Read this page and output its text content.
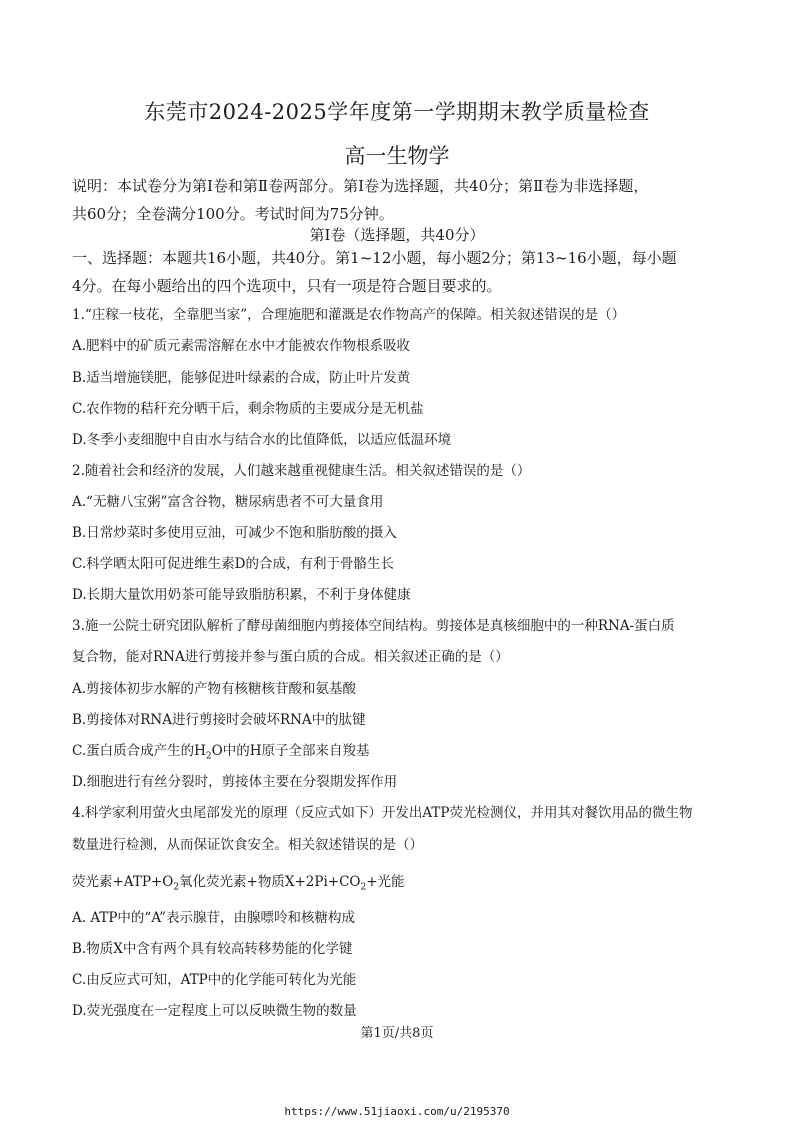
东莞市2024-2025学年度第一学期期末教学质量检查
高一生物学
说明：本试卷分为第Ⅰ卷和第Ⅱ卷两部分。第Ⅰ卷为选择题，共40分；第Ⅱ卷为非选择题，
共60分；全卷满分100分。考试时间为75分钟。
第Ⅰ卷（选择题，共40分）
一、选择题：本题共16小题，共40分。第1~12小题，每小题2分；第13~16小题，每小题
4分。在每小题给出的四个选项中，只有一项是符合题目要求的。
1.“庄稼一枝花，全靠肥当家”，合理施肥和灌溉是农作物高产的保障。相关叙述错误的是（）
A.肥料中的矿质元素需溶解在水中才能被农作物根系吸收
B.适当增施镁肥，能够促进叶绿素的合成，防止叶片发黄
C.农作物的秸秆充分晒干后，剩余物质的主要成分是无机盐
D.冬季小麦细胞中自由水与结合水的比值降低，以适应低温环境
2.随着社会和经济的发展，人们越来越重视健康生活。相关叙述错误的是（）
A.“无糖八宝粥”富含谷物，糖尿病患者不可大量食用
B.日常炒菜时多使用豆油，可减少不饱和脂肪酸的摄入
C.科学晒太阳可促进维生素D的合成，有利于骨骼生长
D.长期大量饮用奶茶可能导致脂肪积累，不利于身体健康
3.施一公院士研究团队解析了酵母菌细胞内剪接体空间结构。剪接体是真核细胞中的一种RNA-蛋白质
复合物，能对RNA进行剪接并参与蛋白质的合成。相关叙述正确的是（）
A.剪接体初步水解的产物有核糖核苷酸和氨基酸
B.剪接体对RNA进行剪接时会破坏RNA中的肽键
C.蛋白质合成产生的$H_2O$中的H原子全部来自羧基
D.细胞进行有丝分裂时，剪接体主要在分裂期发挥作用
4.科学家利用萤火虫尾部发光的原理（反应式如下）开发出ATP荧光检测仪，并用其对餐饮用品的微生物
数量进行检测，从而保证饮食安全。相关叙述错误的是（）
荧光素$+ATP+O_2$氧化荧光素+物质$X+2Pi+CO_2+$光能
A. ATP中的“A”表示腺苷，由腺嘌呤和核糖构成
B.物质X中含有两个具有较高转移势能的化学键
C.由反应式可知，ATP中的化学能可转化为光能
D.荧光强度在一定程度上可以反映微生物的数量
第1页/共8页
https://www.51jiaoxi.com/u/2195370
